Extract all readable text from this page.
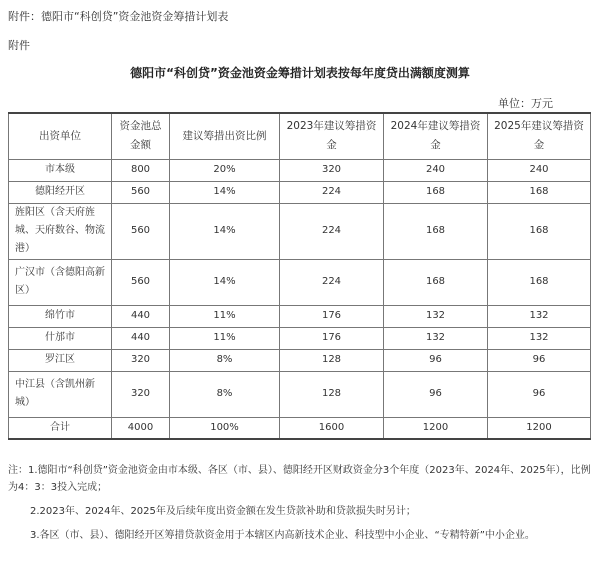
附件：德阳市“科创贷”资金池资金筹措计划表
附件
德阳市“科创贷”资金池资金筹措计划表按每年度贷出满额度测算
单位：万元
出资单位	资金池总金额	建议筹措出资比例	2023年建议筹措资金	2024年建议筹措资金	2025年建议筹措资金
市本级	800	20%	320	240	240
德阳经开区	560	14%	224	168	168
旌阳区（含天府旌城、天府数谷、物流港）	560	14%	224	168	168
广汉市（含德阳高新区）	560	14%	224	168	168
绵竹市	440	11%	176	132	132
什邡市	440	11%	176	132	132
罗江区	320	8%	128	96	96
中江县（含凯州新城）	320	8%	128	96	96
合计	4000	100%	1600	1200	1200
注：1.德阳市“科创贷”资金池资金由市本级、各区（市、县）、德阳经开区财政资金分3个年度（2023年、2024年、2025年），比例为4：3：3投入完成；
2.2023年、2024年、2025年及后续年度出资金额在发生贷款补助和贷款损失时另计；
3.各区（市、县）、德阳经开区筹措贷款资金用于本辖区内高新技术企业、科技型中小企业、“专精特新”中小企业。
